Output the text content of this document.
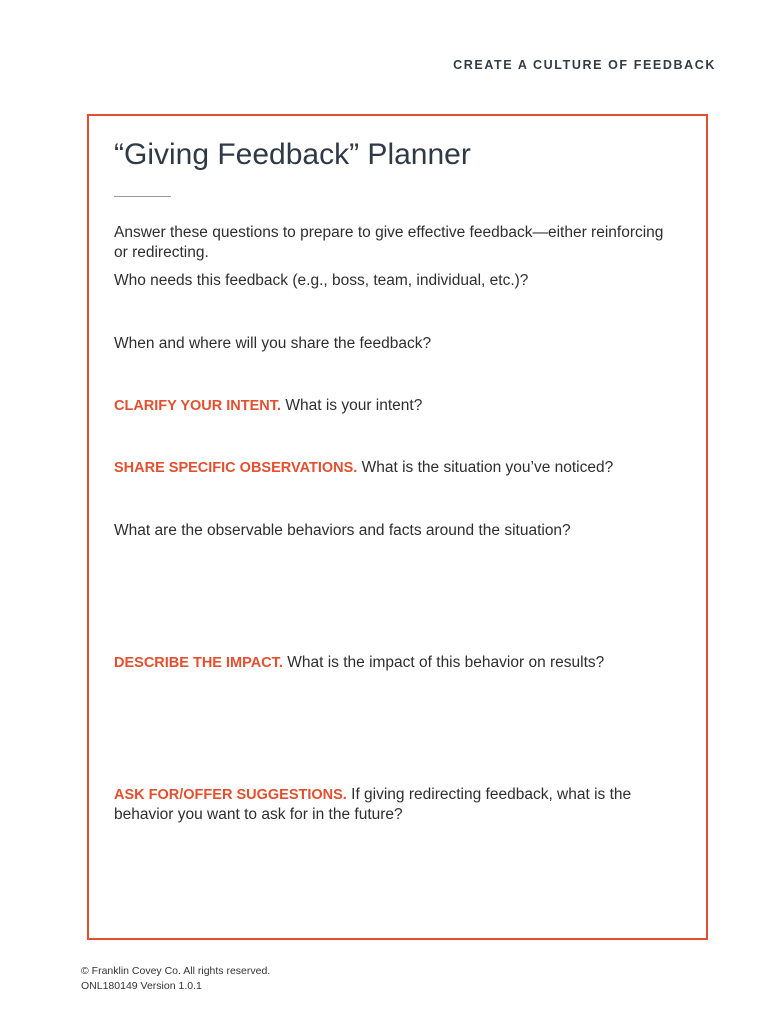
CREATE A CULTURE OF FEEDBACK
“Giving Feedback” Planner

Answer these questions to prepare to give effective feedback—either reinforcing
or redirecting.

Who needs this feedback (e.g., boss, team, individual, etc.)?

When and where will you share the feedback?

CLARIFY YOUR INTENT. What is your intent?

SHARE SPECIFIC OBSERVATIONS. What is the situation you’ve noticed?

What are the observable behaviors and facts around the situation?

DESCRIBE THE IMPACT. What is the impact of this behavior on results?

ASK FOR/OFFER SUGGESTIONS. If giving redirecting feedback, what is the
behavior you want to ask for in the future?

© Franklin Covey Co. All rights reserved.
ONL180149 Version 1.0.1
